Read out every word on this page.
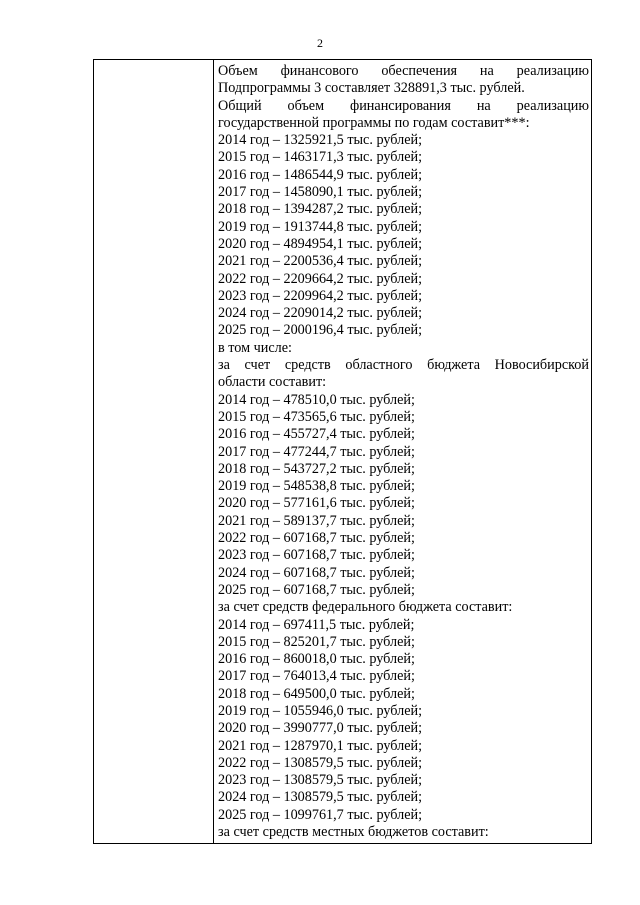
2
Объем финансового обеспечения на реализацию
Подпрограммы 3 составляет 328891,3 тыс. рублей.
Общий объем финансирования на реализацию
государственной программы по годам составит***:
2014 год – 1325921,5 тыс. рублей;
2015 год – 1463171,3 тыс. рублей;
2016 год – 1486544,9 тыс. рублей;
2017 год – 1458090,1 тыс. рублей;
2018 год – 1394287,2 тыс. рублей;
2019 год – 1913744,8 тыс. рублей;
2020 год – 4894954,1 тыс. рублей;
2021 год – 2200536,4 тыс. рублей;
2022 год – 2209664,2 тыс. рублей;
2023 год – 2209964,2 тыс. рублей;
2024 год – 2209014,2 тыс. рублей;
2025 год – 2000196,4 тыс. рублей;
в том числе:
за счет средств областного бюджета Новосибирской
области составит:
2014 год – 478510,0 тыс. рублей;
2015 год – 473565,6 тыс. рублей;
2016 год – 455727,4 тыс. рублей;
2017 год – 477244,7 тыс. рублей;
2018 год – 543727,2 тыс. рублей;
2019 год – 548538,8 тыс. рублей;
2020 год – 577161,6 тыс. рублей;
2021 год – 589137,7 тыс. рублей;
2022 год – 607168,7 тыс. рублей;
2023 год – 607168,7 тыс. рублей;
2024 год – 607168,7 тыс. рублей;
2025 год – 607168,7 тыс. рублей;
за счет средств федерального бюджета составит:
2014 год – 697411,5 тыс. рублей;
2015 год – 825201,7 тыс. рублей;
2016 год – 860018,0 тыс. рублей;
2017 год – 764013,4 тыс. рублей;
2018 год – 649500,0 тыс. рублей;
2019 год – 1055946,0 тыс. рублей;
2020 год – 3990777,0 тыс. рублей;
2021 год – 1287970,1 тыс. рублей;
2022 год – 1308579,5 тыс. рублей;
2023 год – 1308579,5 тыс. рублей;
2024 год – 1308579,5 тыс. рублей;
2025 год – 1099761,7 тыс. рублей;
за счет средств местных бюджетов составит:
